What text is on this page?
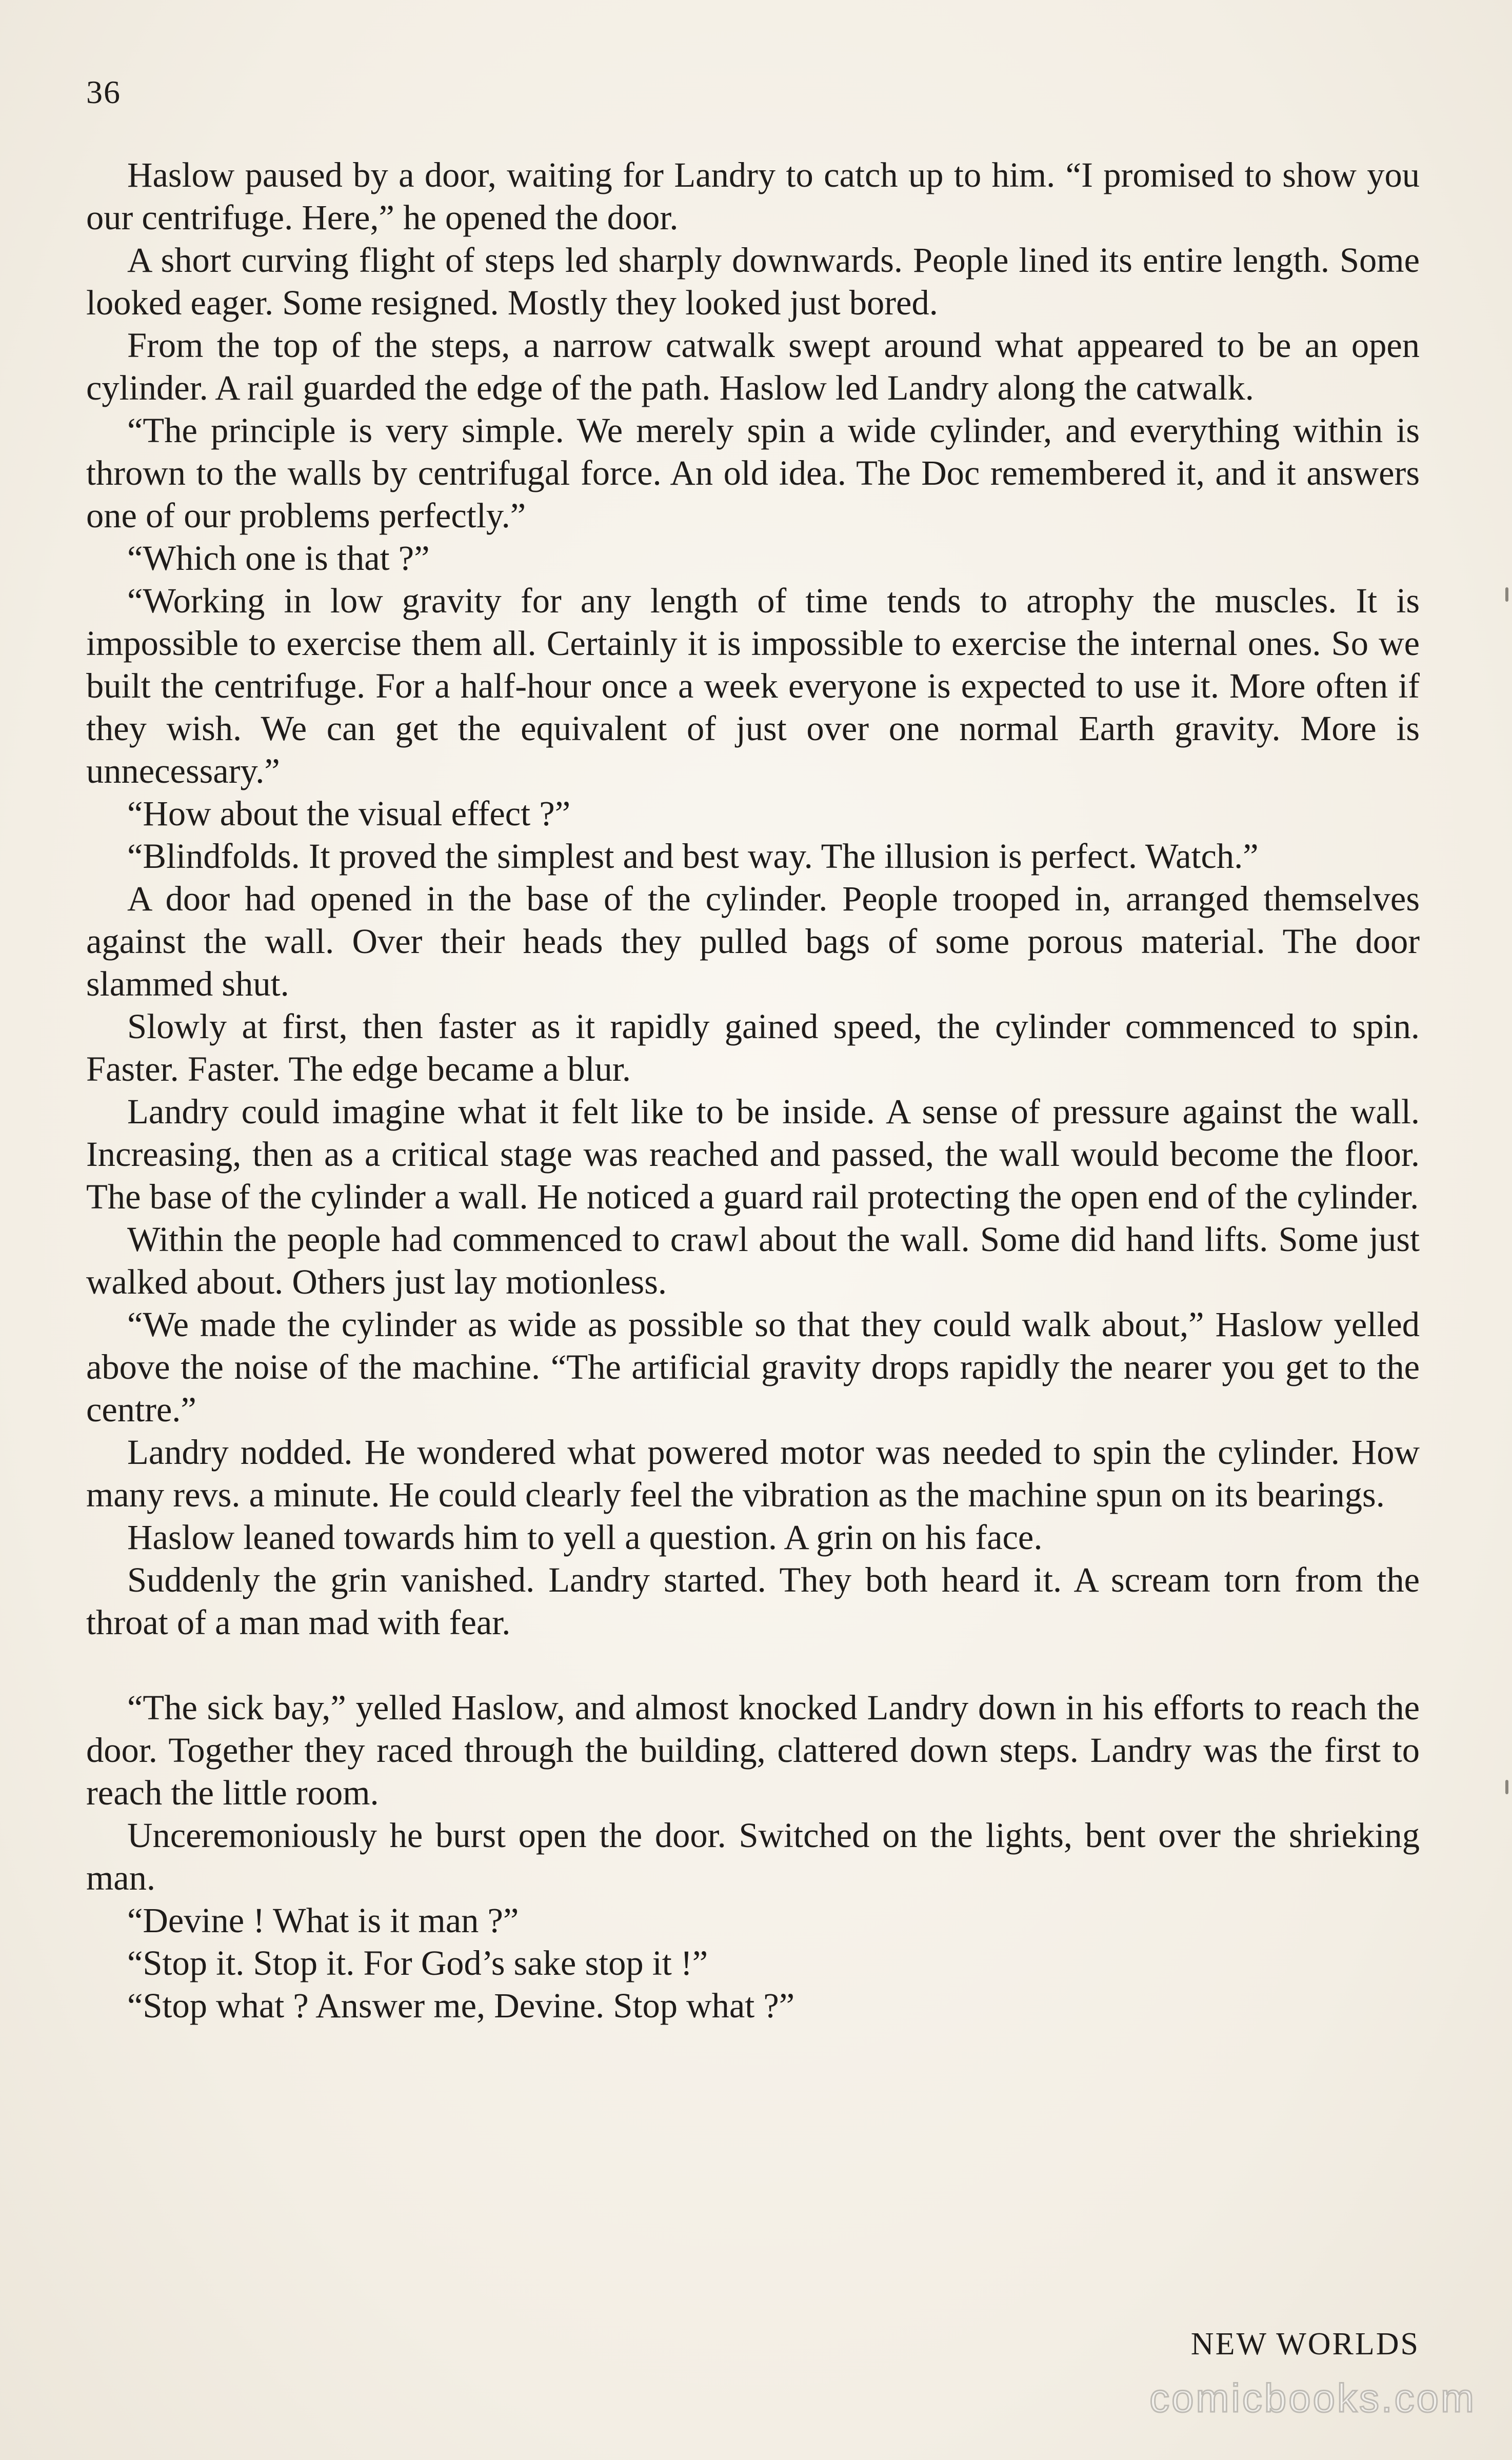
36

Haslow paused by a door, waiting for Landry to catch up to him. “I promised to show you our centrifuge. Here,” he opened the door.

A short curving flight of steps led sharply downwards. People lined its entire length. Some looked eager. Some resigned. Mostly they looked just bored.

From the top of the steps, a narrow catwalk swept around what appeared to be an open cylinder. A rail guarded the edge of the path. Haslow led Landry along the catwalk.

“The principle is very simple. We merely spin a wide cylinder, and everything within is thrown to the walls by centrifugal force. An old idea. The Doc remembered it, and it answers one of our problems perfectly.”

“Which one is that ?”

“Working in low gravity for any length of time tends to atrophy the muscles. It is impossible to exercise them all. Certainly it is impossible to exercise the internal ones. So we built the centrifuge. For a half-hour once a week everyone is expected to use it. More often if they wish. We can get the equivalent of just over one normal Earth gravity. More is unnecessary.”

“How about the visual effect ?”

“Blindfolds. It proved the simplest and best way. The illusion is perfect. Watch.”

A door had opened in the base of the cylinder. People trooped in, arranged themselves against the wall. Over their heads they pulled bags of some porous material. The door slammed shut.

Slowly at first, then faster as it rapidly gained speed, the cylinder commenced to spin. Faster. Faster. The edge became a blur.

Landry could imagine what it felt like to be inside. A sense of pressure against the wall. Increasing, then as a critical stage was reached and passed, the wall would become the floor. The base of the cylinder a wall. He noticed a guard rail protecting the open end of the cylinder.

Within the people had commenced to crawl about the wall. Some did hand lifts. Some just walked about. Others just lay motionless.

“We made the cylinder as wide as possible so that they could walk about,” Haslow yelled above the noise of the machine. “The artificial gravity drops rapidly the nearer you get to the centre.”

Landry nodded. He wondered what powered motor was needed to spin the cylinder. How many revs. a minute. He could clearly feel the vibration as the machine spun on its bearings.

Haslow leaned towards him to yell a question. A grin on his face.

Suddenly the grin vanished. Landry started. They both heard it. A scream torn from the throat of a man mad with fear.

“The sick bay,” yelled Haslow, and almost knocked Landry down in his efforts to reach the door. Together they raced through the building, clattered down steps. Landry was the first to reach the little room.

Unceremoniously he burst open the door. Switched on the lights, bent over the shrieking man.

“Devine ! What is it man ?”

“Stop it. Stop it. For God’s sake stop it !”

“Stop what ? Answer me, Devine. Stop what ?”

NEW WORLDS
comicbooks.com
